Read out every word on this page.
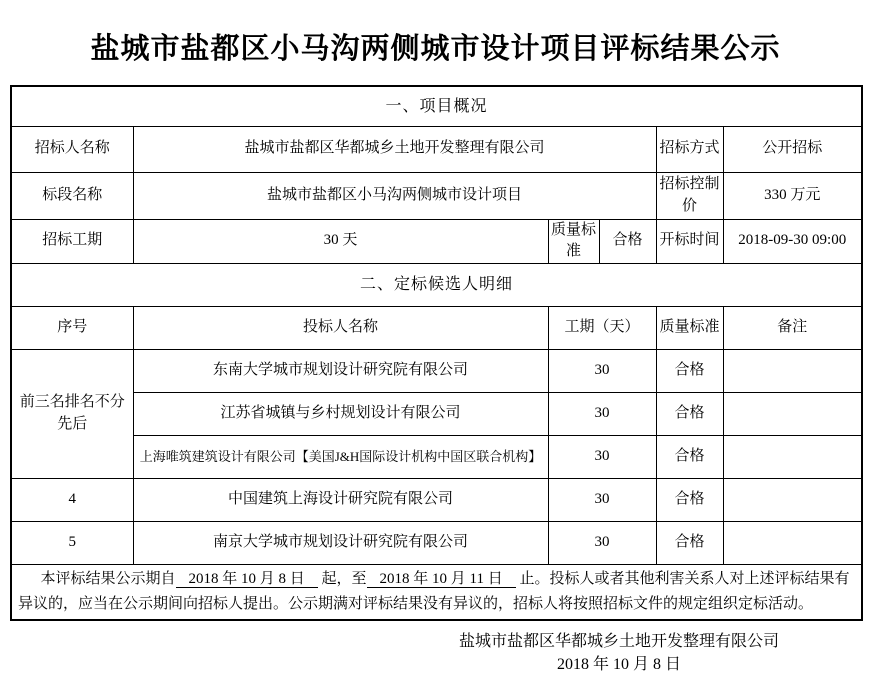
盐城市盐都区小马沟两侧城市设计项目评标结果公示
一、项目概况					
招标人名称	盐城市盐都区华都城乡土地开发整理有限公司			招标方式	公开招标
标段名称	盐城市盐都区小马沟两侧城市设计项目			招标控制价	330 万元
招标工期	30 天	质量标准	合格	开标时间	2018-09-30 09:00
二、定标候选人明细					
序号	投标人名称	工期（天）		质量标准	备注
前三名排名不分先后	东南大学城市规划设计研究院有限公司	30		合格	
	江苏省城镇与乡村规划设计有限公司	30		合格	
	上海唯筑建筑设计有限公司【美国J&H国际设计机构中国区联合机构】	30		合格	
4	中国建筑上海设计研究院有限公司	30		合格	
5	南京大学城市规划设计研究院有限公司	30		合格	

本评标结果公示期自 2018 年 10 月 8 日 起，至 2018 年 10 月 11 日 止。投标人或者其他利害关系人对上述评标结果有异议的，应当在公示期间向招标人提出。公示期满对评标结果没有异议的，招标人将按照招标文件的规定组织定标活动。					

盐城市盐都区华都城乡土地开发整理有限公司
2018 年 10 月 8 日
